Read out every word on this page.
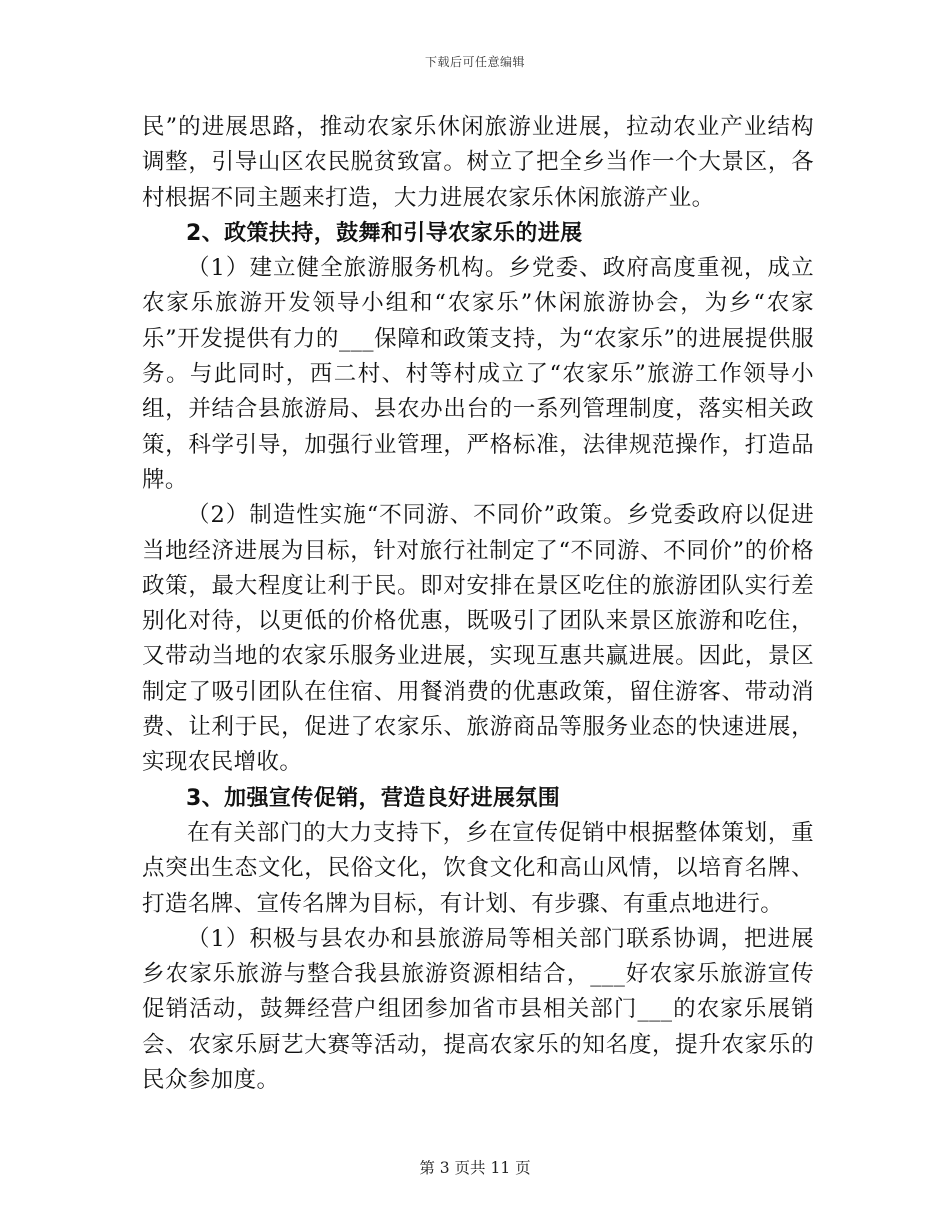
下载后可任意编辑

民”的进展思路，推动农家乐休闲旅游业进展，拉动农业产业结构调整，引导山区农民脱贫致富。树立了把全乡当作一个大景区，各村根据不同主题来打造，大力进展农家乐休闲旅游产业。

2、政策扶持，鼓舞和引导农家乐的进展

（1）建立健全旅游服务机构。乡党委、政府高度重视，成立农家乐旅游开发领导小组和“农家乐”休闲旅游协会，为乡“农家乐”开发提供有力的___保障和政策支持，为“农家乐”的进展提供服务。与此同时，西二村、村等村成立了“农家乐”旅游工作领导小组，并结合县旅游局、县农办出台的一系列管理制度，落实相关政策，科学引导，加强行业管理，严格标准，法律规范操作，打造品牌。

（2）制造性实施“不同游、不同价”政策。乡党委政府以促进当地经济进展为目标，针对旅行社制定了“不同游、不同价”的价格政策，最大程度让利于民。即对安排在景区吃住的旅游团队实行差别化对待，以更低的价格优惠，既吸引了团队来景区旅游和吃住，又带动当地的农家乐服务业进展，实现互惠共赢进展。因此，景区制定了吸引团队在住宿、用餐消费的优惠政策，留住游客、带动消费、让利于民，促进了农家乐、旅游商品等服务业态的快速进展，实现农民增收。

3、加强宣传促销，营造良好进展氛围

在有关部门的大力支持下，乡在宣传促销中根据整体策划，重点突出生态文化，民俗文化，饮食文化和高山风情，以培育名牌、打造名牌、宣传名牌为目标，有计划、有步骤、有重点地进行。

（1）积极与县农办和县旅游局等相关部门联系协调，把进展乡农家乐旅游与整合我县旅游资源相结合，___好农家乐旅游宣传促销活动，鼓舞经营户组团参加省市县相关部门___的农家乐展销会、农家乐厨艺大赛等活动，提高农家乐的知名度，提升农家乐的民众参加度。

第 3 页共 11 页
